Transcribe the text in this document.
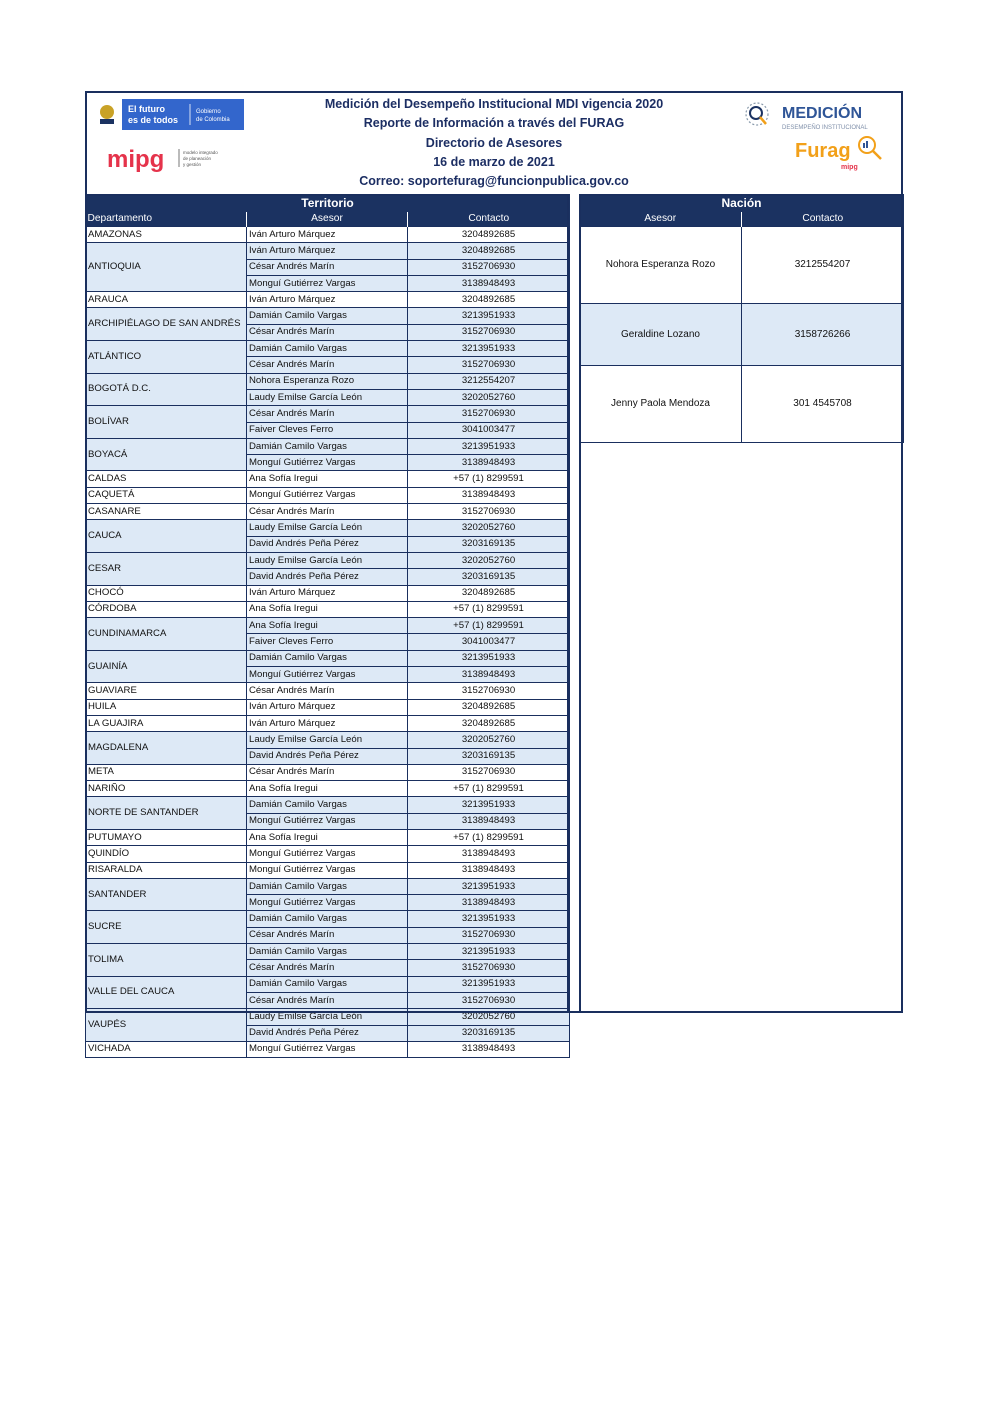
El futuro
es de todos
Gobierno
de Colombia
mipg	modelo integrado
de planeación
y gestión
Medición del Desempeño Institucional MDI vigencia 2020
Reporte de Información a través del FURAG
Directorio de Asesores
16 de marzo de 2021
Correo: soportefurag@funcionpublica.gov.co
MEDICIÓN
DESEMPEÑO INSTITUCIONAL
Furag
mipg
Territorio		
Departamento	Asesor	Contacto
AMAZONAS	Iván Arturo Márquez	3204892685
ANTIOQUIA	Iván Arturo Márquez	3204892685
	César Andrés Marín	3152706930
	Monguí Gutiérrez Vargas	3138948493
ARAUCA	Iván Arturo Márquez	3204892685
ARCHIPIÉLAGO DE SAN ANDRÉS	Damián Camilo Vargas	3213951933
	César Andrés Marín	3152706930
ATLÁNTICO	Damián Camilo Vargas	3213951933
	César Andrés Marín	3152706930
BOGOTÁ D.C.	Nohora Esperanza Rozo	3212554207
	Laudy Emilse García León	3202052760
BOLÍVAR	César Andrés Marín	3152706930
	Faiver Cleves Ferro	3041003477
BOYACÁ	Damián Camilo Vargas	3213951933
	Monguí Gutiérrez Vargas	3138948493
CALDAS	Ana Sofía Iregui	+57 (1) 8299591
CAQUETÁ	Monguí Gutiérrez Vargas	3138948493
CASANARE	César Andrés Marín	3152706930
CAUCA	Laudy Emilse García León	3202052760
	David Andrés Peña Pérez	3203169135
CESAR	Laudy Emilse García León	3202052760
	David Andrés Peña Pérez	3203169135
CHOCÓ	Iván Arturo Márquez	3204892685
CÓRDOBA	Ana Sofía Iregui	+57 (1) 8299591
CUNDINAMARCA	Ana Sofía Iregui	+57 (1) 8299591
	Faiver Cleves Ferro	3041003477
GUAINÍA	Damián Camilo Vargas	3213951933
	Monguí Gutiérrez Vargas	3138948493
GUAVIARE	César Andrés Marín	3152706930
HUILA	Iván Arturo Márquez	3204892685
LA GUAJIRA	Iván Arturo Márquez	3204892685
MAGDALENA	Laudy Emilse García León	3202052760
	David Andrés Peña Pérez	3203169135
META	César Andrés Marín	3152706930
NARIÑO	Ana Sofía Iregui	+57 (1) 8299591
NORTE DE SANTANDER	Damián Camilo Vargas	3213951933
	Monguí Gutiérrez Vargas	3138948493
PUTUMAYO	Ana Sofía Iregui	+57 (1) 8299591
QUINDÍO	Monguí Gutiérrez Vargas	3138948493
RISARALDA	Monguí Gutiérrez Vargas	3138948493
SANTANDER	Damián Camilo Vargas	3213951933
	Monguí Gutiérrez Vargas	3138948493
SUCRE	Damián Camilo Vargas	3213951933
	César Andrés Marín	3152706930
TOLIMA	Damián Camilo Vargas	3213951933
	César Andrés Marín	3152706930
VALLE DEL CAUCA	Damián Camilo Vargas	3213951933
	César Andrés Marín	3152706930
VAUPÉS	Laudy Emilse García León	3202052760
	David Andrés Peña Pérez	3203169135
VICHADA	Monguí Gutiérrez Vargas	3138948493
Nación	
Asesor	Contacto
Nohora Esperanza Rozo	3212554207
Geraldine Lozano	3158726266
Jenny Paola Mendoza	301 4545708
